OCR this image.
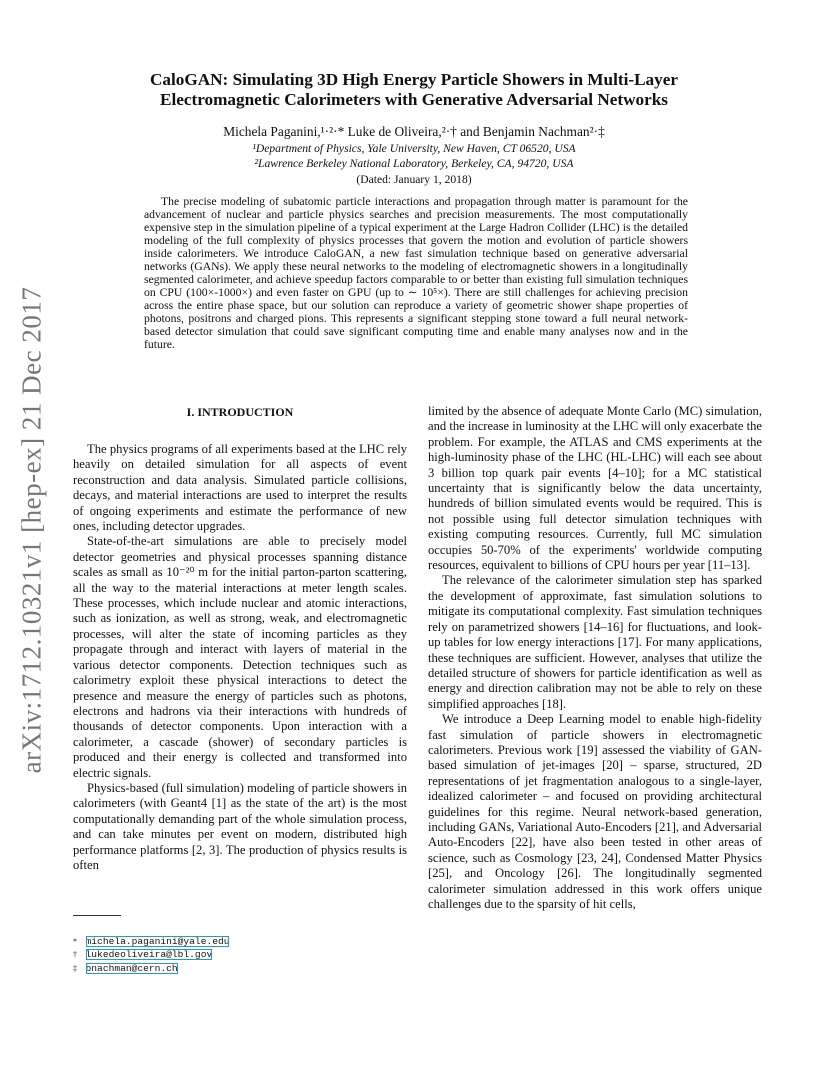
arXiv:1712.10321v1 [hep-ex] 21 Dec 2017
CaloGAN: Simulating 3D High Energy Particle Showers in Multi-Layer Electromagnetic Calorimeters with Generative Adversarial Networks
Michela Paganini,¹·²·* Luke de Oliveira,²·† and Benjamin Nachman²·‡
¹Department of Physics, Yale University, New Haven, CT 06520, USA
²Lawrence Berkeley National Laboratory, Berkeley, CA, 94720, USA
(Dated: January 1, 2018)

The precise modeling of subatomic particle interactions and propagation through matter is paramount for the advancement of nuclear and particle physics searches and precision measurements. The most computationally expensive step in the simulation pipeline of a typical experiment at the Large Hadron Collider (LHC) is the detailed modeling of the full complexity of physics processes that govern the motion and evolution of particle showers inside calorimeters. We introduce CaloGAN, a new fast simulation technique based on generative adversarial networks (GANs). We apply these neural networks to the modeling of electromagnetic showers in a longitudinally segmented calorimeter, and achieve speedup factors comparable to or better than existing full simulation techniques on CPU (100×-1000×) and even faster on GPU (up to ∼ 10⁵×). There are still challenges for achieving precision across the entire phase space, but our solution can reproduce a variety of geometric shower shape properties of photons, positrons and charged pions. This represents a significant stepping stone toward a full neural network-based detector simulation that could save significant computing time and enable many analyses now and in the future.

I. INTRODUCTION

The physics programs of all experiments based at the LHC rely heavily on detailed simulation for all aspects of event reconstruction and data analysis. Simulated particle collisions, decays, and material interactions are used to interpret the results of ongoing experiments and estimate the performance of new ones, including detector upgrades.

State-of-the-art simulations are able to precisely model detector geometries and physical processes spanning distance scales as small as 10⁻²⁰ m for the initial parton-parton scattering, all the way to the material interactions at meter length scales. These processes, which include nuclear and atomic interactions, such as ionization, as well as strong, weak, and electromagnetic processes, will alter the state of incoming particles as they propagate through and interact with layers of material in the various detector components. Detection techniques such as calorimetry exploit these physical interactions to detect the presence and measure the energy of particles such as photons, electrons and hadrons via their interactions with hundreds of thousands of detector components. Upon interaction with a calorimeter, a cascade (shower) of secondary particles is produced and their energy is collected and transformed into electric signals.

Physics-based (full simulation) modeling of particle showers in calorimeters (with Geant4 [1] as the state of the art) is the most computationally demanding part of the whole simulation process, and can take minutes per event on modern, distributed high performance platforms [2, 3]. The production of physics results is often

limited by the absence of adequate Monte Carlo (MC) simulation, and the increase in luminosity at the LHC will only exacerbate the problem. For example, the ATLAS and CMS experiments at the high-luminosity phase of the LHC (HL-LHC) will each see about 3 billion top quark pair events [4–10]; for a MC statistical uncertainty that is significantly below the data uncertainty, hundreds of billion simulated events would be required. This is not possible using full detector simulation techniques with existing computing resources. Currently, full MC simulation occupies 50-70% of the experiments' worldwide computing resources, equivalent to billions of CPU hours per year [11–13].

The relevance of the calorimeter simulation step has sparked the development of approximate, fast simulation solutions to mitigate its computational complexity. Fast simulation techniques rely on parametrized showers [14–16] for fluctuations, and look-up tables for low energy interactions [17]. For many applications, these techniques are sufficient. However, analyses that utilize the detailed structure of showers for particle identification as well as energy and direction calibration may not be able to rely on these simplified approaches [18].

We introduce a Deep Learning model to enable high-fidelity fast simulation of particle showers in electromagnetic calorimeters. Previous work [19] assessed the viability of GAN-based simulation of jet-images [20] – sparse, structured, 2D representations of jet fragmentation analogous to a single-layer, idealized calorimeter – and focused on providing architectural guidelines for this regime. Neural network-based generation, including GANs, Variational Auto-Encoders [21], and Adversarial Auto-Encoders [22], have also been tested in other areas of science, such as Cosmology [23, 24], Condensed Matter Physics [25], and Oncology [26]. The longitudinally segmented calorimeter simulation addressed in this work offers unique challenges due to the sparsity of hit cells,

* michela.paganini@yale.edu

† lukedeoliveira@lbl.gov

‡ bnachman@cern.ch
